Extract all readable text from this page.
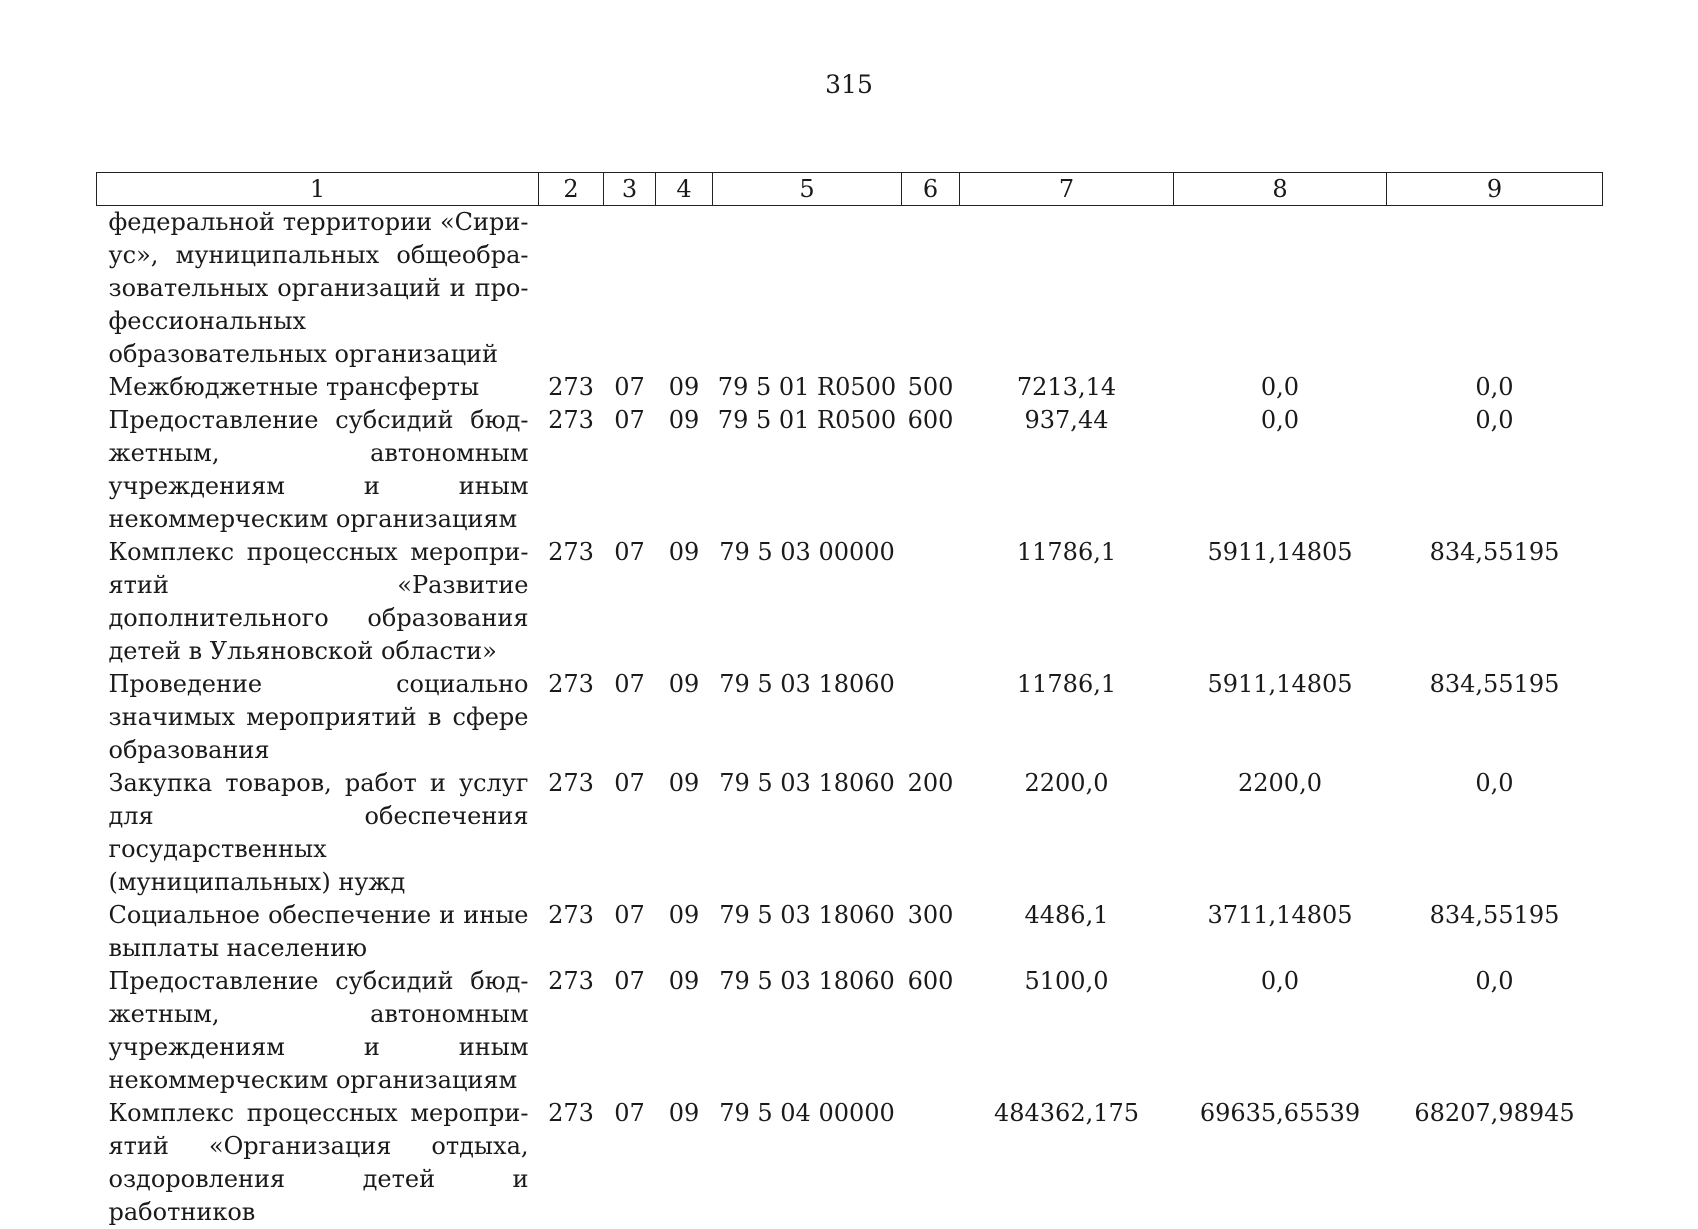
315
1	2	3	4	5	6	7	8	9
федеральной территории «Сириус», муниципальных общеобразовательных организаций и профессиональных образовательных организаций								
Межбюджетные трансферты	273	07	09	79 5 01 R0500	500	7213,14	0,0	0,0
Предоставление субсидий бюджетным, автономным учреждениям и иным некоммерческим организациям	273	07	09	79 5 01 R0500	600	937,44	0,0	0,0
Комплекс процессных мероприятий «Развитие дополнительного образования детей в Ульяновской области»	273	07	09	79 5 03 00000		11786,1	5911,14805	834,55195
Проведение социально значимых мероприятий в сфере образования	273	07	09	79 5 03 18060		11786,1	5911,14805	834,55195
Закупка товаров, работ и услуг для обеспечения государственных (муниципальных) нужд	273	07	09	79 5 03 18060	200	2200,0	2200,0	0,0
Социальное обеспечение и иные выплаты населению	273	07	09	79 5 03 18060	300	4486,1	3711,14805	834,55195
Предоставление субсидий бюджетным, автономным учреждениям и иным некоммерческим организациям	273	07	09	79 5 03 18060	600	5100,0	0,0	0,0
Комплекс процессных мероприятий «Организация отдыха, оздоровления детей и работников	273	07	09	79 5 04 00000		484362,175	69635,65539	68207,98945
